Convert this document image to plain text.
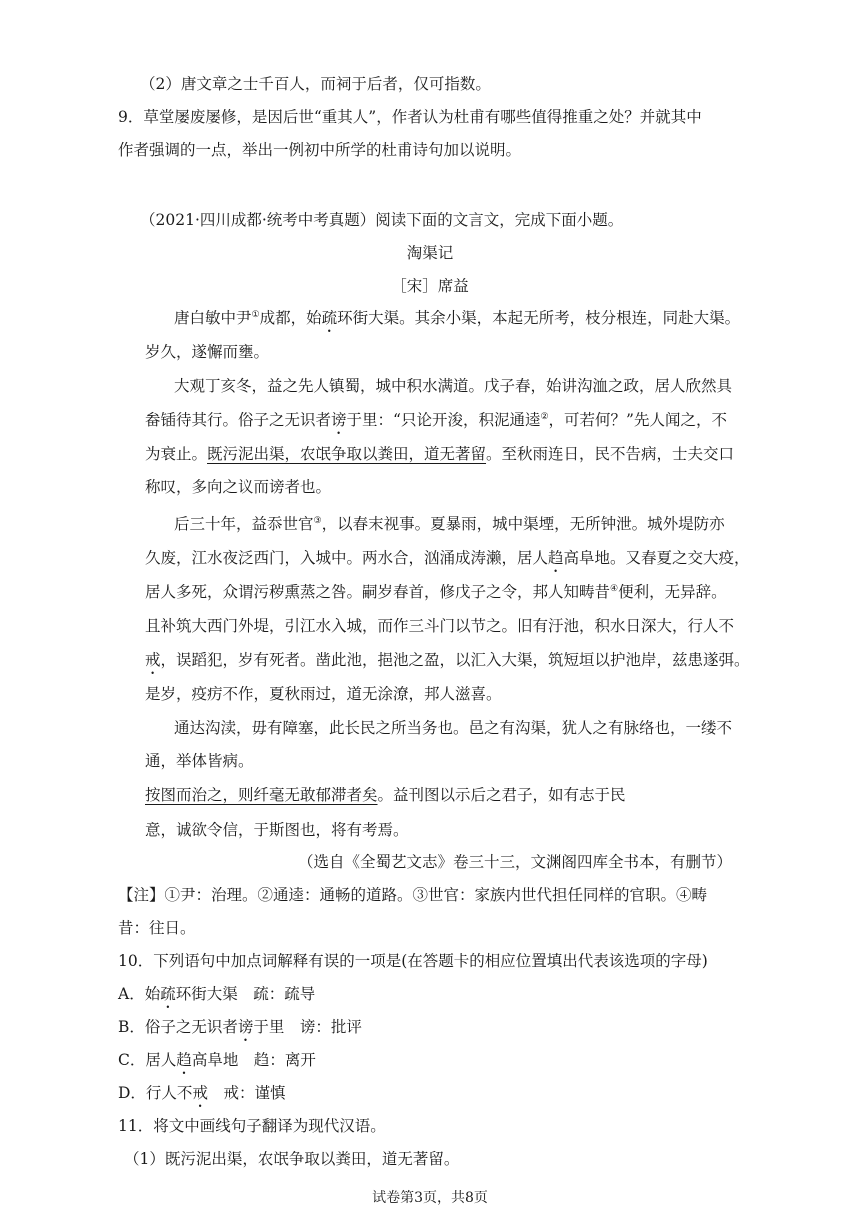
（2）唐文章之士千百人，而祠于后者，仅可指数。
9．草堂屡废屡修，是因后世“重其人”，作者认为杜甫有哪些值得推重之处？并就其中
作者强调的一点，举出一例初中所学的杜甫诗句加以说明。
（2021·四川成都·统考中考真题）阅读下面的文言文，完成下面小题。
淘渠记
［宋］席益
唐白敏中尹①成都，始疏环街大渠。其余小渠，本起无所考，枝分根连，同赴大渠。
岁久，遂懈而壅。
大观丁亥冬，益之先人镇蜀，城中积水满道。戊子春，始讲沟洫之政，居人欣然具
畚锸待其行。俗子之无识者谤于里：“只论开浚，积泥通逵②，可若何？”先人闻之，不
为衰止。既污泥出渠，农氓争取以粪田，道无著留。至秋雨连日，民不告病，士夫交口
称叹，多向之议而谤者也。
后三十年，益忝世官③，以春末视事。夏暴雨，城中渠堙，无所钟泄。城外堤防亦
久废，江水夜泛西门，入城中。两水合，汹涌成涛濑，居人趋高阜地。又春夏之交大疫，
居人多死，众谓污秽熏蒸之咎。嗣岁春首，修戊子之令，邦人知畴昔④便利，无异辞。
且补筑大西门外堤，引江水入城，而作三斗门以节之。旧有汙池，积水日深大，行人不
戒，误蹈犯，岁有死者。凿此池，挹池之盈，以汇入大渠，筑短垣以护池岸，兹患遂弭。
是岁，疫疠不作，夏秋雨过，道无涂潦，邦人滋喜。
通达沟渎，毋有障塞，此长民之所当务也。邑之有沟渠，犹人之有脉络也，一缕不
通，举体皆病。
按图而治之，则纤毫无敢郁滞者矣。益刊图以示后之君子，如有志于民
意，诚欲令信，于斯图也，将有考焉。
（选自《全蜀艺文志》卷三十三，文渊阁四库全书本，有删节）
【注】①尹：治理。②通逵：通畅的道路。③世官：家族内世代担任同样的官职。④畴
昔：往日。
10．下列语句中加点词解释有误的一项是(在答题卡的相应位置填出代表该选项的字母)
A．始疏环街大渠　疏：疏导
B．俗子之无识者谤于里　谤：批评
C．居人趋高阜地　趋：离开
D．行人不戒　戒：谨慎
11．将文中画线句子翻译为现代汉语。
（1）既污泥出渠，农氓争取以粪田，道无著留。
试卷第3页，共8页
